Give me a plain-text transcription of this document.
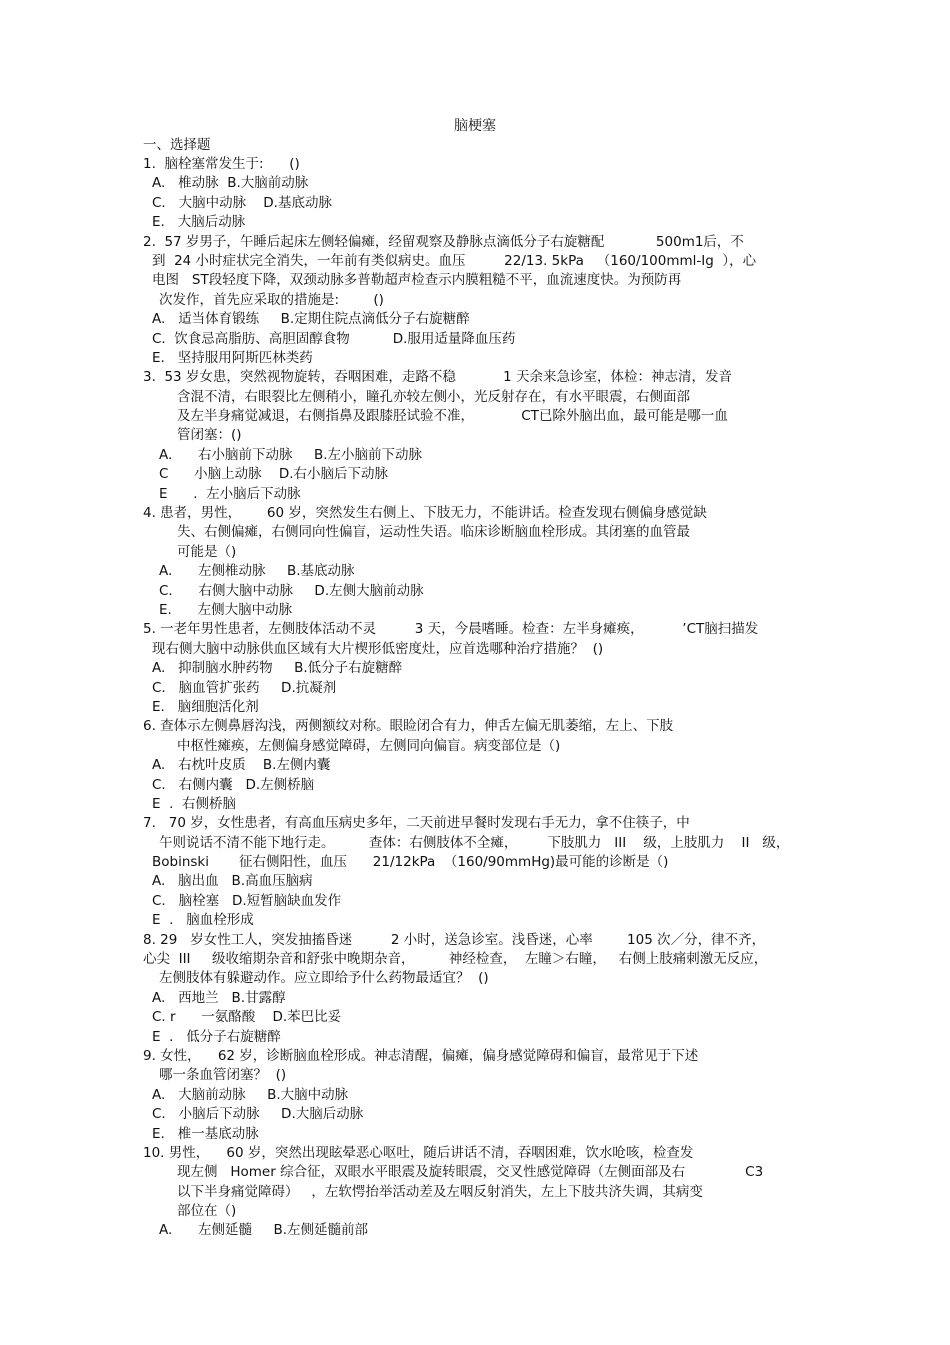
脑梗塞
一、选择题
1.  脑栓塞常发生于:      ()
A.   椎动脉  B.大脑前动脉
C.   大脑中动脉    D.基底动脉
E.   大脑后动脉
2.  57 岁男子，午睡后起床左侧轻偏瘫，经留观察及静脉点滴低分子右旋糖配            500m1后，不
到  24 小时症状完全消失，一年前有类似病史。血压         22/13. 5kPa   （160/100mml-Ig  ），心
电图   ST段轻度下降，双颈动脉多普勒超声检查示内膜粗糙不平，血流速度快。为预防再
次发作，首先应采取的措施是:        ()
A.   适当体育锻练     B.定期住院点滴低分子右旋糖醉
C.  饮食忌高脂肪、高胆固醇食物          D.服用适量降血压药
E.   坚持服用阿斯匹林类药
3.  53 岁女患，突然视物旋转，吞咽困难，走路不稳           1 天余来急诊室，体检：神志清，发音
含混不清，右眼裂比左侧稍小，瞳孔亦较左侧小，光反射存在，有水平眼震，右侧面部
及左半身痛觉减退，右侧指鼻及跟膝胫试验不准，           CT已除外脑出血，最可能是哪一血
管闭塞：()
A.      右小脑前下动脉     B.左小脑前下动脉
C      小脑上动脉    D.右小脑后下动脉
E      .  左小脑后下动脉
4. 患者，男性，      60 岁，突然发生右侧上、下肢无力，不能讲话。检查发现右侧偏身感觉缺
失、右侧偏瘫，右侧同向性偏盲，运动性失语。临床诊断脑血栓形成。其闭塞的血管最
可能是（)
A.      左侧椎动脉     B.基底动脉
C.      右侧大脑中动脉     D.左侧大脑前动脉
E.      左侧大脑中动脉
5. 一老年男性患者，左侧肢体活动不灵         3 天，今晨嗜睡。检查：左半身瘫痪，         ’CT脑扫描发
现右侧大脑中动脉供血区域有大片楔形低密度灶，应首选哪种治疗措施？  ()
A.   抑制脑水肿药物     B.低分子右旋糖醉
C.   脑血管扩张药     D.抗凝剂
E.   脑细胞活化剂
6. 查体示左侧鼻唇沟浅，两侧额纹对称。眼睑闭合有力，伸舌左偏无肌萎缩，左上、下肢
中枢性瘫痪，左侧偏身感觉障碍，左侧同向偏盲。病变部位是（)
A.   右枕叶皮质    B.左侧内囊
C.   右侧内囊   D.左侧桥脑
E  .  右侧桥脑
7.   70 岁，女性患者，有高血压病史多年，二天前进早餐时发现右手无力，拿不住筷子，中
午则说话不清不能下地行走。        查体：右侧肢体不全瘫，       下肢肌力   III    级，上肢肌力    II   级，
Bobinski       征右侧阳性，血压      21/12kPa  （160/90mmHg)最可能的诊断是（)
A.   脑出血   B.高血压脑病
C.   脑栓塞   D.短暂脑缺血发作
E  .   脑血栓形成
8. 29   岁女性工人，突发抽搐昏迷         2 小时，送急诊室。浅昏迷，心率        105 次／分，律不齐，
心尖  III     级收缩期杂音和舒张中晚期杂音，        神经检查，  左瞳＞右瞳，   右侧上肢痛刺激无反应，
左侧肢体有躲避动作。应立即给予什么药物最适宜？  ()
A.   西地兰   B.甘露醇
C. r      一氨酪酸    D.苯巴比妥
E  .   低分子右旋糖醉
9. 女性，    62 岁，诊断脑血栓形成。神志清醒，偏瘫，偏身感觉障碍和偏盲，最常见于下述
哪一条血管闭塞？  ()
A.   大脑前动脉     B.大脑中动脉
C.   小脑后下动脉     D.大脑后动脉
E.   椎一基底动脉
10. 男性，    60 岁，突然出现眩晕恶心呕吐，随后讲话不清，吞咽困难，饮水呛咳，检查发
现左侧   Homer 综合征，双眼水平眼震及旋转眼震，交叉性感觉障碍（左侧面部及右              C3
以下半身痛觉障碍）   ，左软愕抬举活动差及左咽反射消失，左上下肢共济失调，其病变
部位在（)
A.      左侧延髓     B.左侧延髓前部
